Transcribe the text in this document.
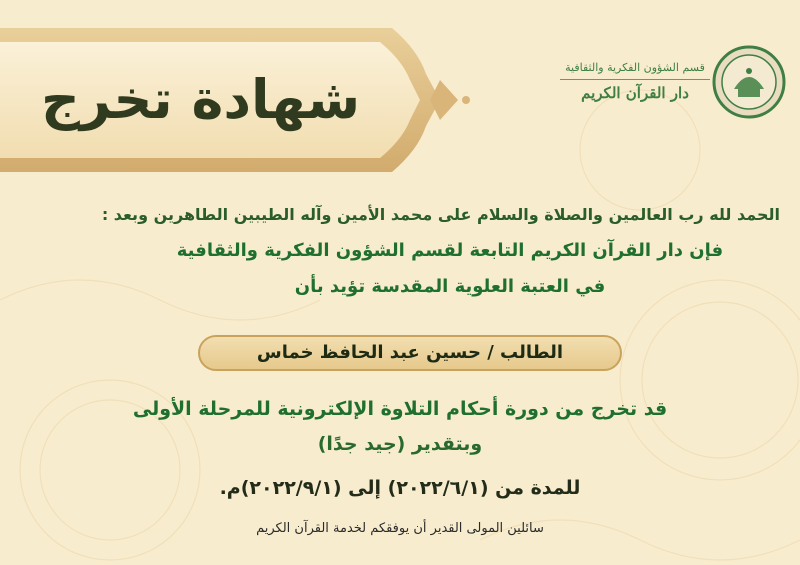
شهادة تخرج
قسم الشؤون الفكرية والثقافية
دار القرآن الكريم
الحمد لله رب العالمين والصلاة والسلام على محمد الأمين وآله الطيبين الطاهرين وبعد :
فإن دار القرآن الكريم التابعة لقسم الشؤون الفكرية والثقافية
في العتبة العلوية المقدسة تؤيد بأن
الطالب / حسين عبد الحافظ خماس
قد تخرج من دورة أحكام التلاوة الإلكترونية للمرحلة الأولى
وبتقدير (جيد جدًا)
للمدة من (٢٠٢٢/٦/١) إلى (٢٠٢٢/٩/١)م.
سائلين المولى القدير أن يوفقكم لخدمة القرآن الكريم
